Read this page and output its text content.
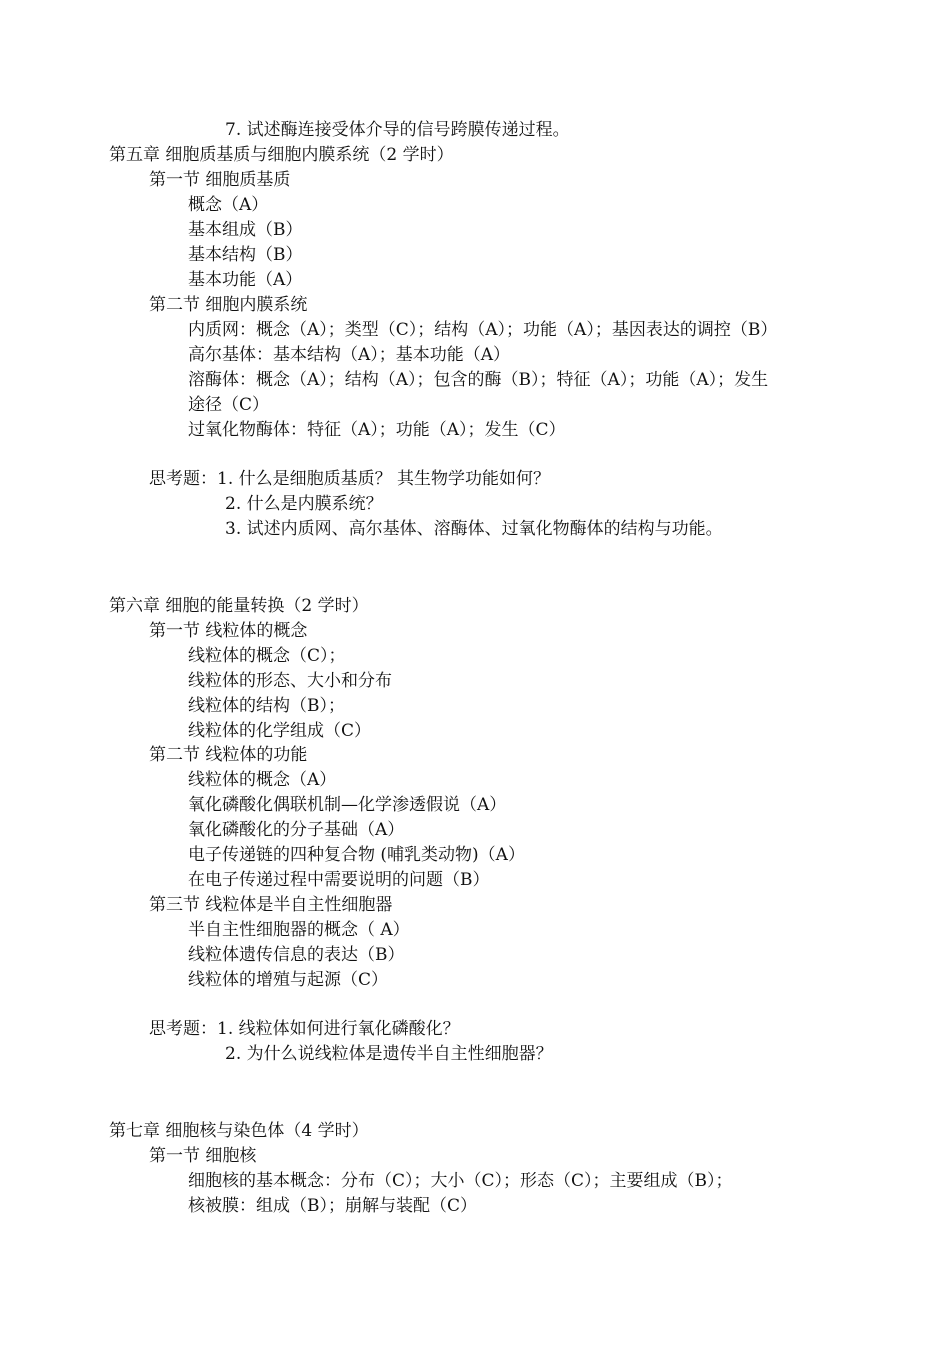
7. 试述酶连接受体介导的信号跨膜传递过程。
第五章 细胞质基质与细胞内膜系统（2 学时）
第一节 细胞质基质
概念（A）
基本组成（B）
基本结构（B）
基本功能（A）
第二节 细胞内膜系统
内质网：概念（A）；类型（C）；结构（A）；功能（A）；基因表达的调控（B）
高尔基体：基本结构（A）；基本功能（A）
溶酶体：概念（A）；结构（A）；包含的酶（B）；特征（A）；功能（A）；发生
途径（C）
过氧化物酶体：特征（A）；功能（A）；发生（C）
思考题：1. 什么是细胞质基质？ 其生物学功能如何？
2. 什么是内膜系统？
3. 试述内质网、高尔基体、溶酶体、过氧化物酶体的结构与功能。
第六章 细胞的能量转换（2 学时）
第一节 线粒体的概念
线粒体的概念（C）；
线粒体的形态、大小和分布
线粒体的结构（B）；
线粒体的化学组成（C）
第二节 线粒体的功能
线粒体的概念（A）
氧化磷酸化偶联机制—化学渗透假说（A）
氧化磷酸化的分子基础（A）
电子传递链的四种复合物 (哺乳类动物)（A）
在电子传递过程中需要说明的问题（B）
第三节 线粒体是半自主性细胞器
半自主性细胞器的概念（ A）
线粒体遗传信息的表达（B）
线粒体的增殖与起源（C）
思考题：1. 线粒体如何进行氧化磷酸化？
2. 为什么说线粒体是遗传半自主性细胞器？
第七章 细胞核与染色体（4 学时）
第一节 细胞核
细胞核的基本概念：分布（C）；大小（C）；形态（C）；主要组成（B）；
核被膜：组成（B）；崩解与装配（C）
